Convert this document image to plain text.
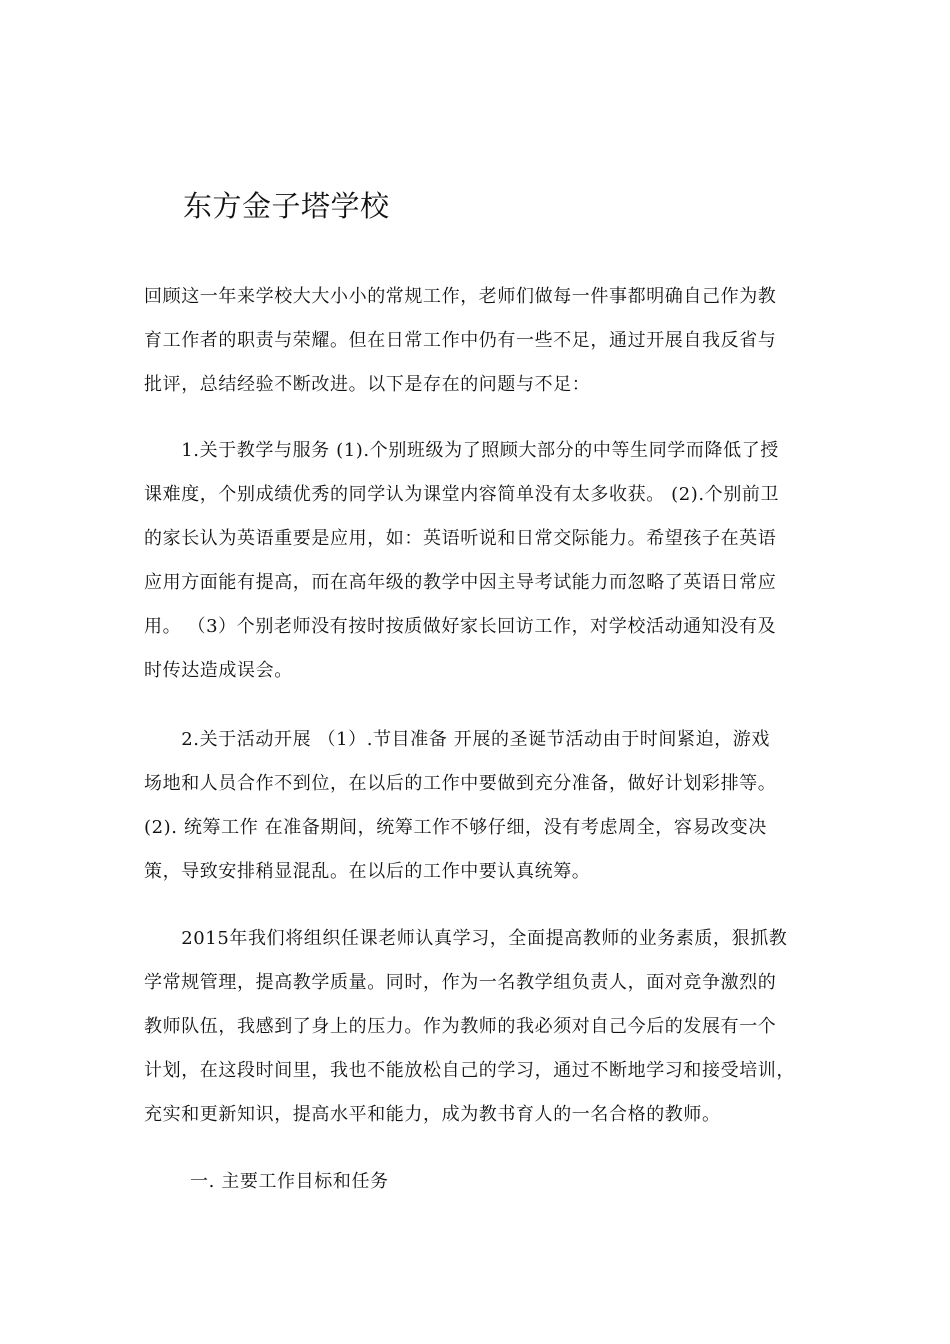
东方金子塔学校
回顾这一年来学校大大小小的常规工作，老师们做每一件事都明确自己作为教
育工作者的职责与荣耀。但在日常工作中仍有一些不足，通过开展自我反省与
批评，总结经验不断改进。以下是存在的问题与不足：
　　1.关于教学与服务 (1).个别班级为了照顾大部分的中等生同学而降低了授
课难度，个别成绩优秀的同学认为课堂内容简单没有太多收获。 (2).个别前卫
的家长认为英语重要是应用，如：英语听说和日常交际能力。希望孩子在英语
应用方面能有提高，而在高年级的教学中因主导考试能力而忽略了英语日常应
用。 （3）个别老师没有按时按质做好家长回访工作，对学校活动通知没有及
时传达造成误会。
　　2.关于活动开展 （1）.节目准备 开展的圣诞节活动由于时间紧迫，游戏
场地和人员合作不到位，在以后的工作中要做到充分准备，做好计划彩排等。
(2). 统筹工作 在准备期间，统筹工作不够仔细，没有考虑周全，容易改变决
策，导致安排稍显混乱。在以后的工作中要认真统筹。
　　2015年我们将组织任课老师认真学习，全面提高教师的业务素质，狠抓教
学常规管理，提高教学质量。同时，作为一名教学组负责人，面对竞争激烈的
教师队伍，我感到了身上的压力。作为教师的我必须对自己今后的发展有一个
计划，在这段时间里，我也不能放松自己的学习，通过不断地学习和接受培训，
充实和更新知识，提高水平和能力，成为教书育人的一名合格的教师。
一. 主要工作目标和任务
